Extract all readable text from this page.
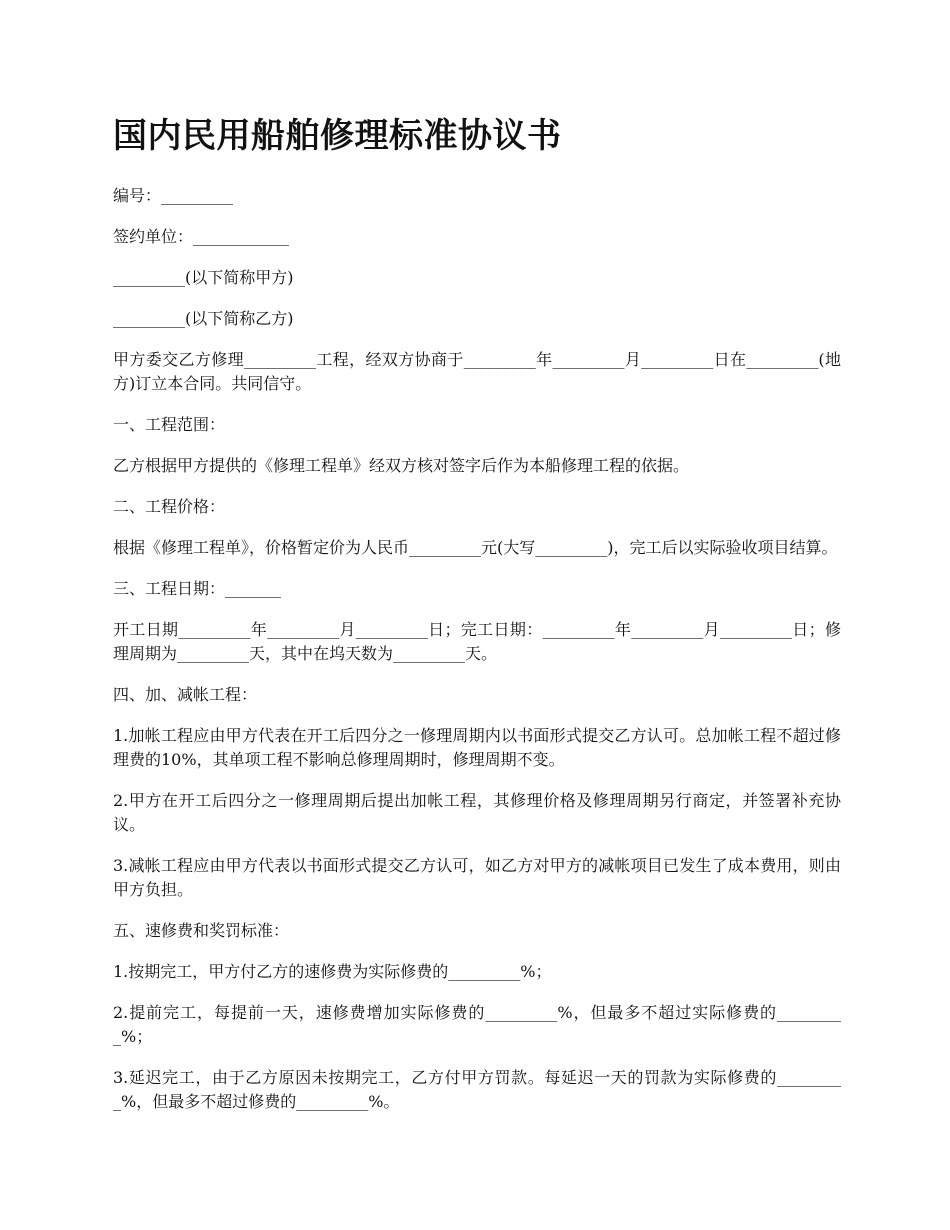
国内民用船舶修理标准协议书

编号：_________

签约单位：____________

_________(以下简称甲方)

_________(以下简称乙方)

甲方委交乙方修理_________工程，经双方协商于_________年_________月_________日在_________(地方)订立本合同。共同信守。

一、工程范围：

乙方根据甲方提供的《修理工程单》经双方核对签字后作为本船修理工程的依据。

二、工程价格：

根据《修理工程单》，价格暂定价为人民币_________元(大写_________)，完工后以实际验收项目结算。

三、工程日期：_______

开工日期_________年_________月_________日；完工日期：_________年_________月_________日；修理周期为_________天，其中在坞天数为_________天。

四、加、减帐工程：

1.加帐工程应由甲方代表在开工后四分之一修理周期内以书面形式提交乙方认可。总加帐工程不超过修理费的10%，其单项工程不影响总修理周期时，修理周期不变。

2.甲方在开工后四分之一修理周期后提出加帐工程，其修理价格及修理周期另行商定，并签署补充协议。

3.减帐工程应由甲方代表以书面形式提交乙方认可，如乙方对甲方的减帐项目已发生了成本费用，则由甲方负担。

五、速修费和奖罚标准：

1.按期完工，甲方付乙方的速修费为实际修费的_________%；

2.提前完工，每提前一天，速修费增加实际修费的_________%，但最多不超过实际修费的_________%；

3.延迟完工，由于乙方原因未按期完工，乙方付甲方罚款。每延迟一天的罚款为实际修费的_________%，但最多不超过修费的_________%。
